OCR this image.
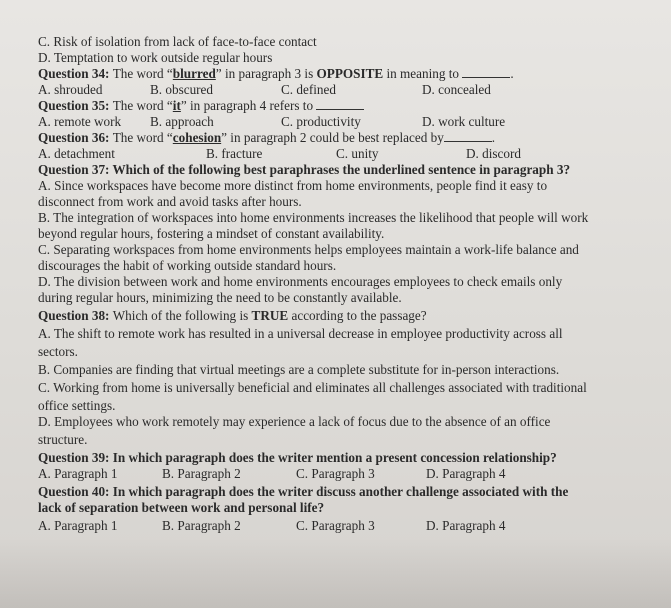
C. Risk of isolation from lack of face-to-face contact
D. Temptation to work outside regular hours
Question 34: The word “blurred” in paragraph 3 is OPPOSITE in meaning to	.
A. shrouded	B. obscured	C. defined	D. concealed
Question 35: The word “it” in paragraph 4 refers to
A. remote work B. approach	C. productivity	D. work culture
Question 36: The word “cohesion” in paragraph 2 could be best replaced by	.
A. detachment	B. fracture	C. unity	D. discord
Question 37: Which of the following best paraphrases the underlined sentence in paragraph 3?
A. Since workspaces have become more distinct from home environments, people find it easy to
disconnect from work and avoid tasks after hours.
B. The integration of workspaces into home environments increases the likelihood that people will work
beyond regular hours, fostering a mindset of constant availability.
C. Separating workspaces from home environments helps employees maintain a work-life balance and
discourages the habit of working outside standard hours.
D. The division between work and home environments encourages employees to check emails only
during regular hours, minimizing the need to be constantly available.
Question 38: Which of the following is TRUE according to the passage?
A. The shift to remote work has resulted in a universal decrease in employee productivity across all
sectors.
B. Companies are finding that virtual meetings are a complete substitute for in-person interactions.
C. Working from home is universally beneficial and eliminates all challenges associated with traditional
office settings.
D. Employees who work remotely may experience a lack of focus due to the absence of an office
structure.
Question 39: In which paragraph does the writer mention a present concession relationship?
A. Paragraph 1	B. Paragraph 2	C. Paragraph 3	D. Paragraph 4
Question 40: In which paragraph does the writer discuss another challenge associated with the
lack of separation between work and personal life?
A. Paragraph 1	B. Paragraph 2	C. Paragraph 3	D. Paragraph 4
